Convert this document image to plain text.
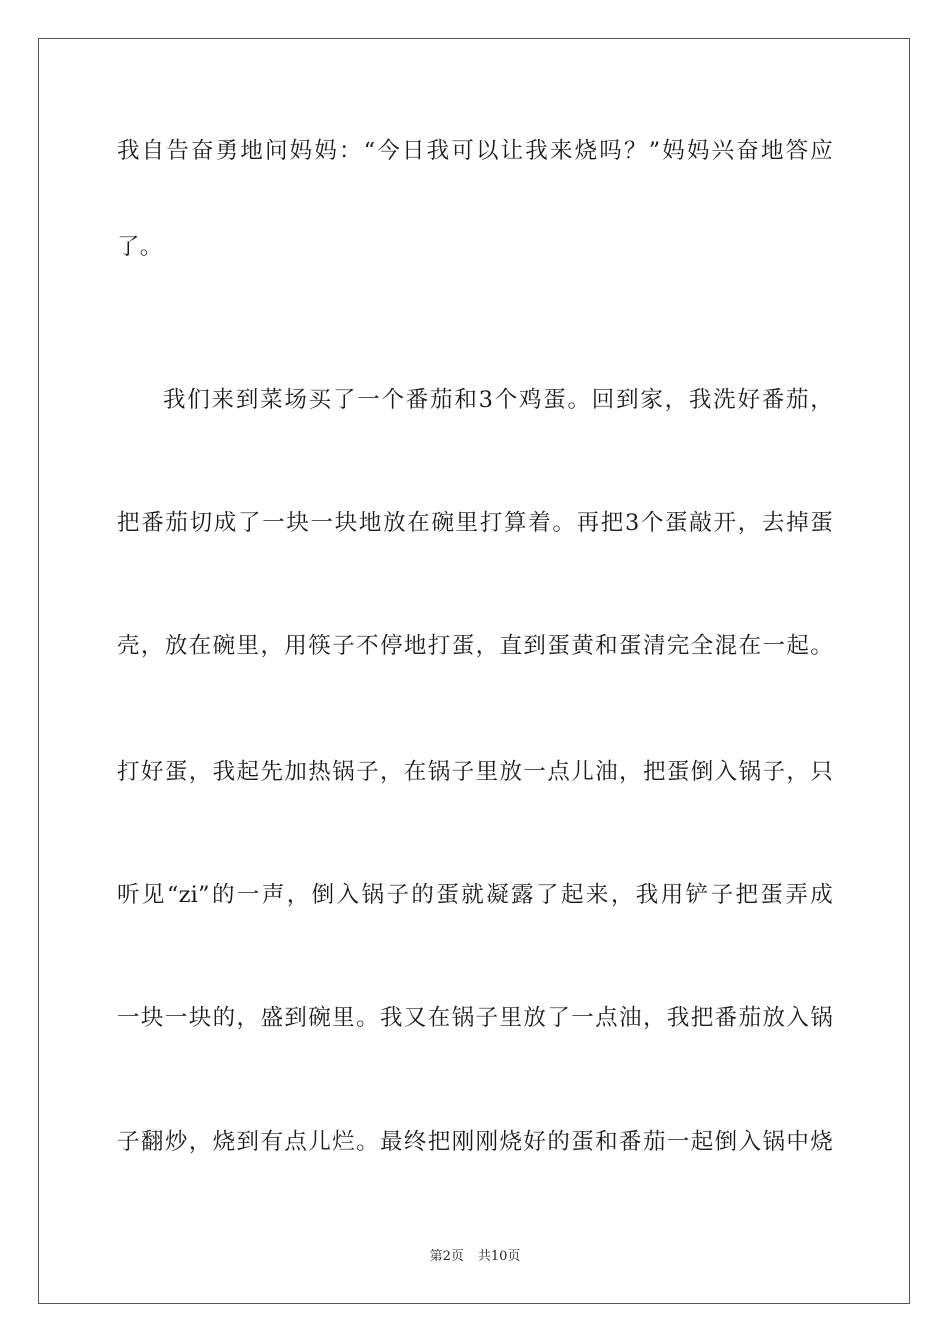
我自告奋勇地问妈妈：“今日我可以让我来烧吗？”妈妈兴奋地答应
了。
我们来到菜场买了一个番茄和3个鸡蛋。回到家，我洗好番茄，
把番茄切成了一块一块地放在碗里打算着。再把3个蛋敲开，去掉蛋
壳，放在碗里，用筷子不停地打蛋，直到蛋黄和蛋清完全混在一起。
打好蛋，我起先加热锅子，在锅子里放一点儿油，把蛋倒入锅子，只
听见“zi”的一声，倒入锅子的蛋就凝露了起来，我用铲子把蛋弄成
一块一块的，盛到碗里。我又在锅子里放了一点油，我把番茄放入锅
子翻炒，烧到有点儿烂。最终把刚刚烧好的蛋和番茄一起倒入锅中烧
第2页 共10页
